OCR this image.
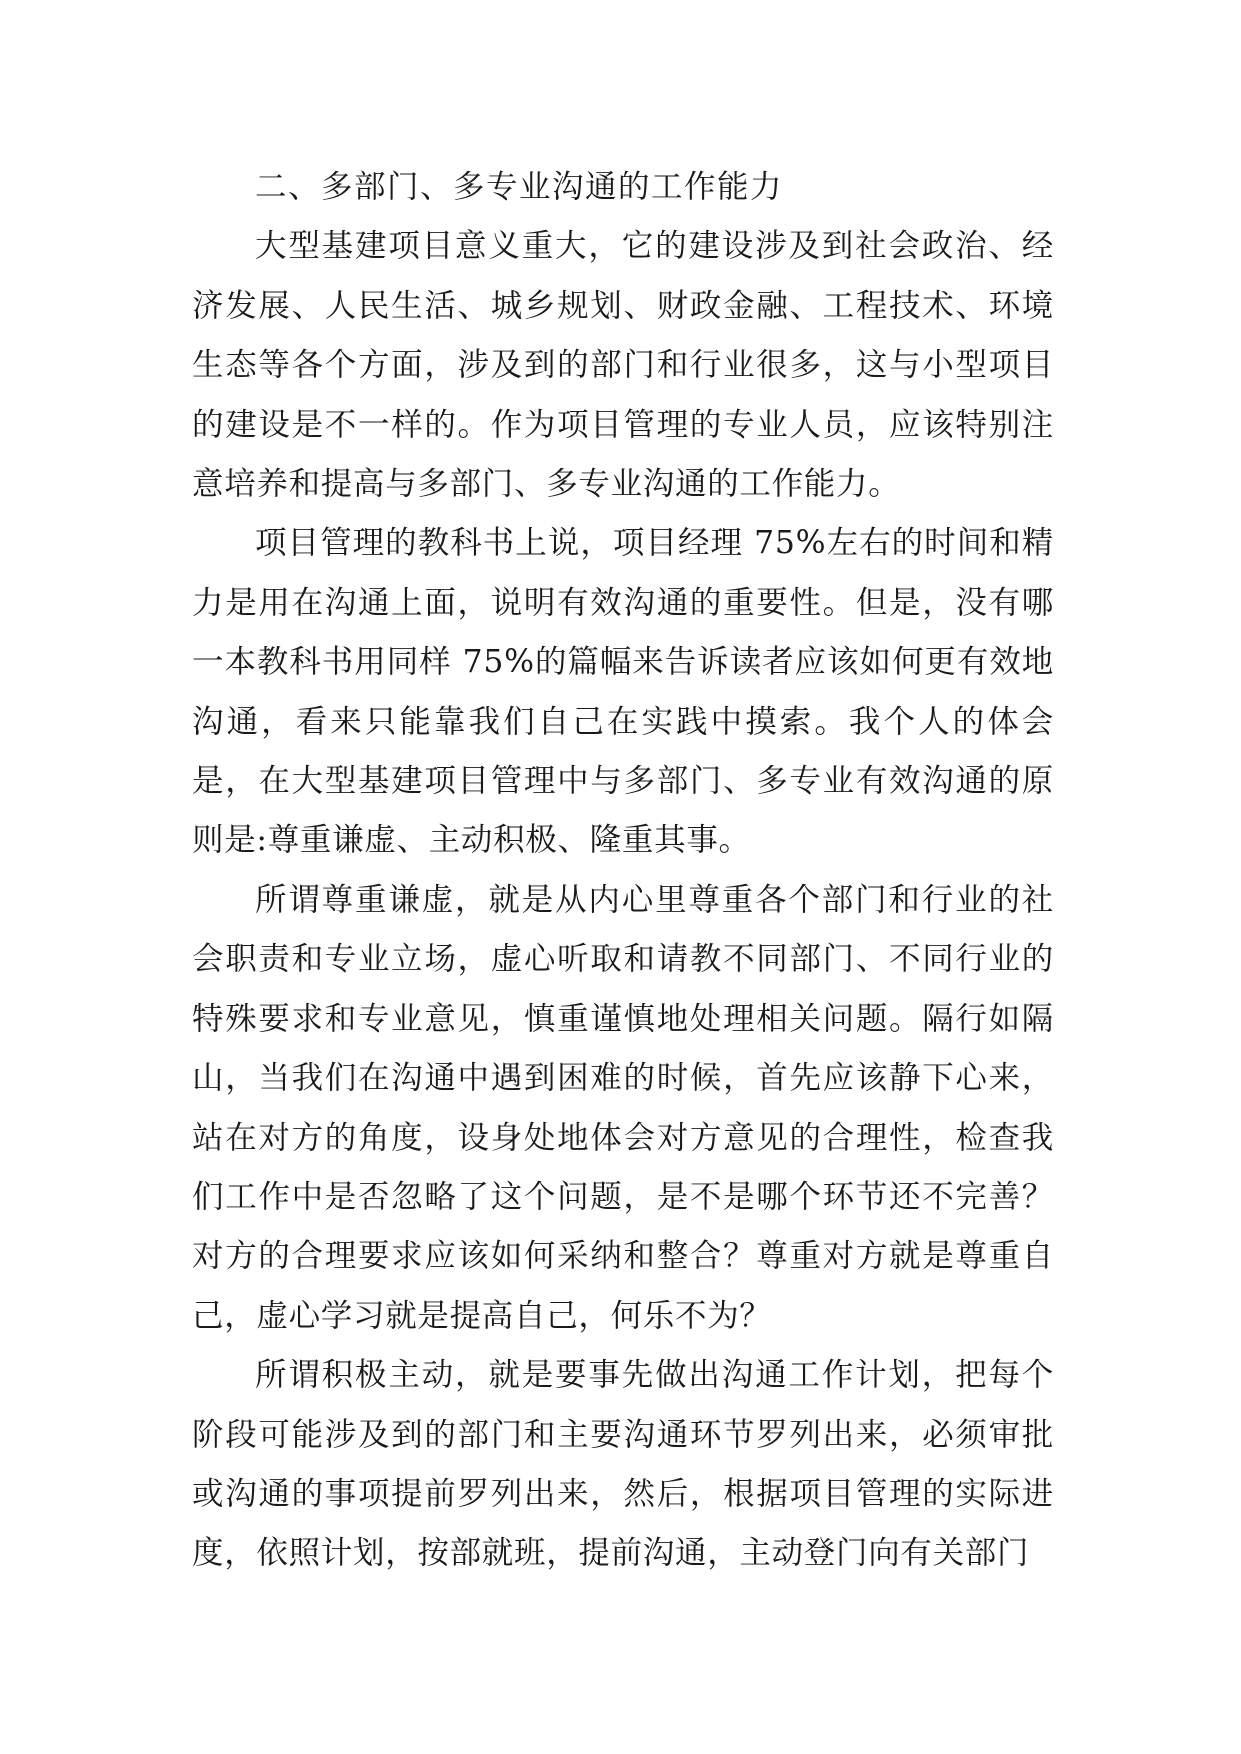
二、多部门、多专业沟通的工作能力

大型基建项目意义重大，它的建设涉及到社会政治、经济发展、人民生活、城乡规划、财政金融、工程技术、环境生态等各个方面，涉及到的部门和行业很多，这与小型项目的建设是不一样的。作为项目管理的专业人员，应该特别注意培养和提高与多部门、多专业沟通的工作能力。

项目管理的教科书上说，项目经理 75%左右的时间和精力是用在沟通上面，说明有效沟通的重要性。但是，没有哪一本教科书用同样 75%的篇幅来告诉读者应该如何更有效地沟通，看来只能靠我们自己在实践中摸索。我个人的体会是，在大型基建项目管理中与多部门、多专业有效沟通的原则是:尊重谦虚、主动积极、隆重其事。

所谓尊重谦虚，就是从内心里尊重各个部门和行业的社会职责和专业立场，虚心听取和请教不同部门、不同行业的特殊要求和专业意见，慎重谨慎地处理相关问题。隔行如隔山，当我们在沟通中遇到困难的时候，首先应该静下心来，站在对方的角度，设身处地体会对方意见的合理性，检查我们工作中是否忽略了这个问题，是不是哪个环节还不完善？对方的合理要求应该如何采纳和整合？尊重对方就是尊重自己，虚心学习就是提高自己，何乐不为？

所谓积极主动，就是要事先做出沟通工作计划，把每个阶段可能涉及到的部门和主要沟通环节罗列出来，必须审批或沟通的事项提前罗列出来，然后，根据项目管理的实际进度，依照计划，按部就班，提前沟通，主动登门向有关部门
